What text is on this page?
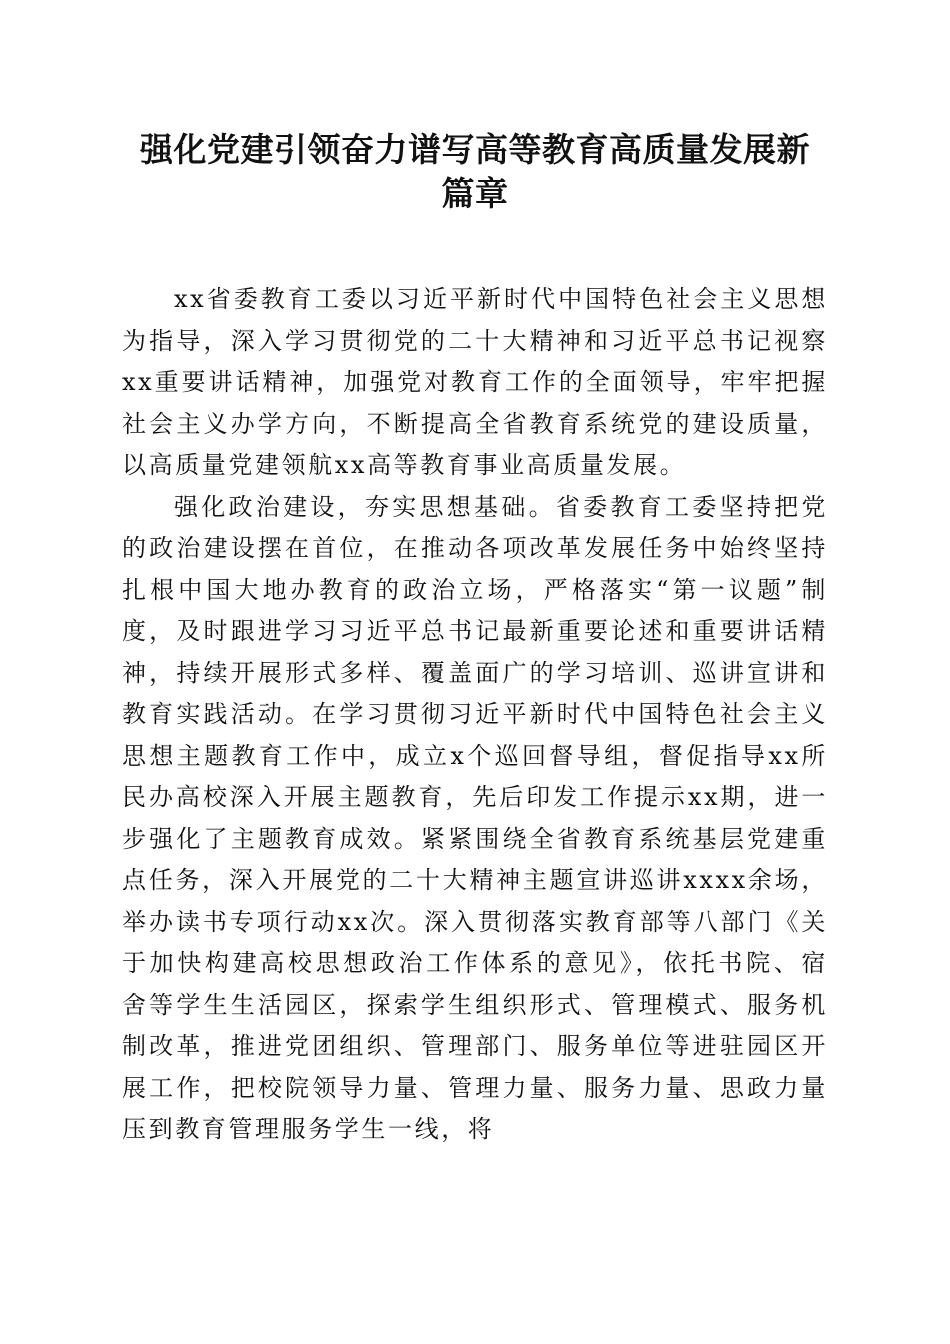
强化党建引领奋力谱写高等教育高质量发展新
篇章

xx省委教育工委以习近平新时代中国特色社会主义思想为指导，深入学习贯彻党的二十大精神和习近平总书记视察xx重要讲话精神，加强党对教育工作的全面领导，牢牢把握社会主义办学方向，不断提高全省教育系统党的建设质量，以高质量党建领航xx高等教育事业高质量发展。

强化政治建设，夯实思想基础。省委教育工委坚持把党的政治建设摆在首位，在推动各项改革发展任务中始终坚持扎根中国大地办教育的政治立场，严格落实“第一议题”制度，及时跟进学习习近平总书记最新重要论述和重要讲话精神，持续开展形式多样、覆盖面广的学习培训、巡讲宣讲和教育实践活动。在学习贯彻习近平新时代中国特色社会主义思想主题教育工作中，成立x个巡回督导组，督促指导xx所民办高校深入开展主题教育，先后印发工作提示xx期，进一步强化了主题教育成效。紧紧围绕全省教育系统基层党建重点任务，深入开展党的二十大精神主题宣讲巡讲xxxx余场，举办读书专项行动xx次。深入贯彻落实教育部等八部门《关于加快构建高校思想政治工作体系的意见》，依托书院、宿舍等学生生活园区，探索学生组织形式、管理模式、服务机制改革，推进党团组织、管理部门、服务单位等进驻园区开展工作，把校院领导力量、管理力量、服务力量、思政力量压到教育管理服务学生一线，将
